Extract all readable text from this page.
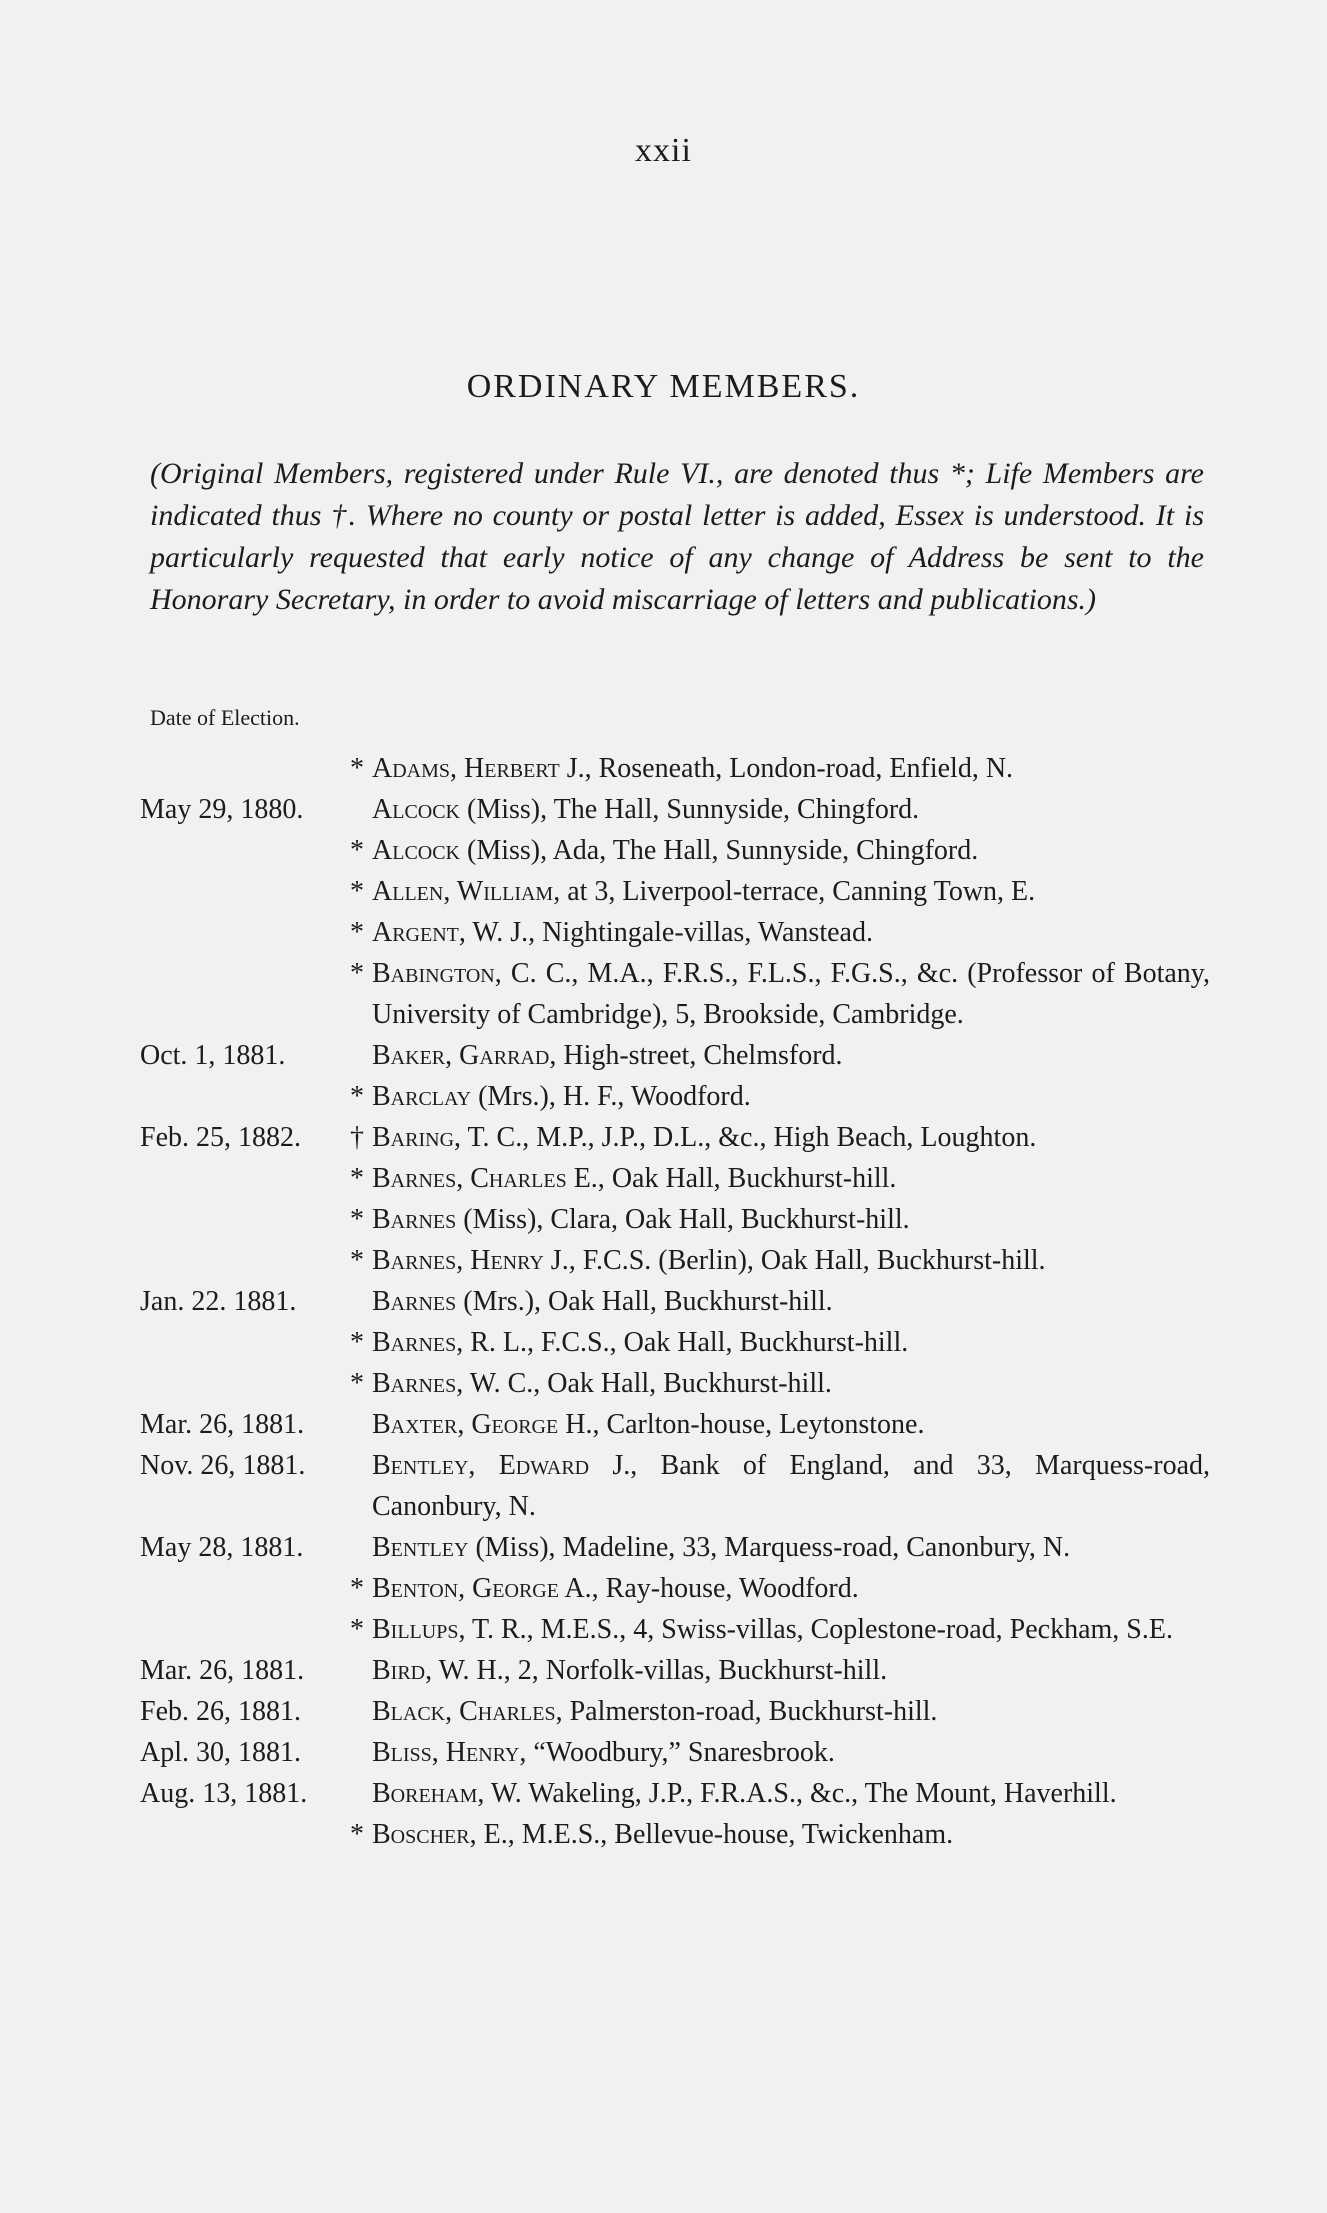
xxii
ORDINARY MEMBERS.
(Original Members, registered under Rule VI., are denoted thus *; Life Members are indicated thus †. Where no county or postal letter is added, Essex is understood. It is particularly requested that early notice of any change of Address be sent to the Honorary Secretary, in order to avoid miscarriage of letters and publications.)
Date of Election.
* Adams, Herbert J., Roseneath, London-road, Enfield, N.
May 29, 1880.	Alcock (Miss), The Hall, Sunnyside, Chingford.
* Alcock (Miss), Ada, The Hall, Sunnyside, Chingford.
* Allen, William, at 3, Liverpool-terrace, Canning Town, E.
* Argent, W. J., Nightingale-villas, Wanstead.
* Babington, C. C., M.A., F.R.S., F.L.S., F.G.S., &c. (Professor of Botany, University of Cambridge), 5, Brookside, Cambridge.
Oct. 1, 1881.	Baker, Garrad, High-street, Chelmsford.
* Barclay (Mrs.), H. F., Woodford.
Feb. 25, 1882.	† Baring, T. C., M.P., J.P., D.L., &c., High Beach, Loughton.
* Barnes, Charles E., Oak Hall, Buckhurst-hill.
* Barnes (Miss), Clara, Oak Hall, Buckhurst-hill.
* Barnes, Henry J., F.C.S. (Berlin), Oak Hall, Buckhurst-hill.
Jan. 22. 1881.	Barnes (Mrs.), Oak Hall, Buckhurst-hill.
* Barnes, R. L., F.C.S., Oak Hall, Buckhurst-hill.
* Barnes, W. C., Oak Hall, Buckhurst-hill.
Mar. 26, 1881.	Baxter, George H., Carlton-house, Leytonstone.
Nov. 26, 1881.	Bentley, Edward J., Bank of England, and 33, Marquess-road, Canonbury, N.
May 28, 1881.	Bentley (Miss), Madeline, 33, Marquess-road, Canonbury, N.
* Benton, George A., Ray-house, Woodford.
* Billups, T. R., M.E.S., 4, Swiss-villas, Coplestone-road, Peckham, S.E.
Mar. 26, 1881.	Bird, W. H., 2, Norfolk-villas, Buckhurst-hill.
Feb. 26, 1881.	Black, Charles, Palmerston-road, Buckhurst-hill.
Apl. 30, 1881.	Bliss, Henry, “Woodbury,” Snaresbrook.
Aug. 13, 1881.	Boreham, W. Wakeling, J.P., F.R.A.S., &c., The Mount, Haverhill.
* Boscher, E., M.E.S., Bellevue-house, Twickenham.
